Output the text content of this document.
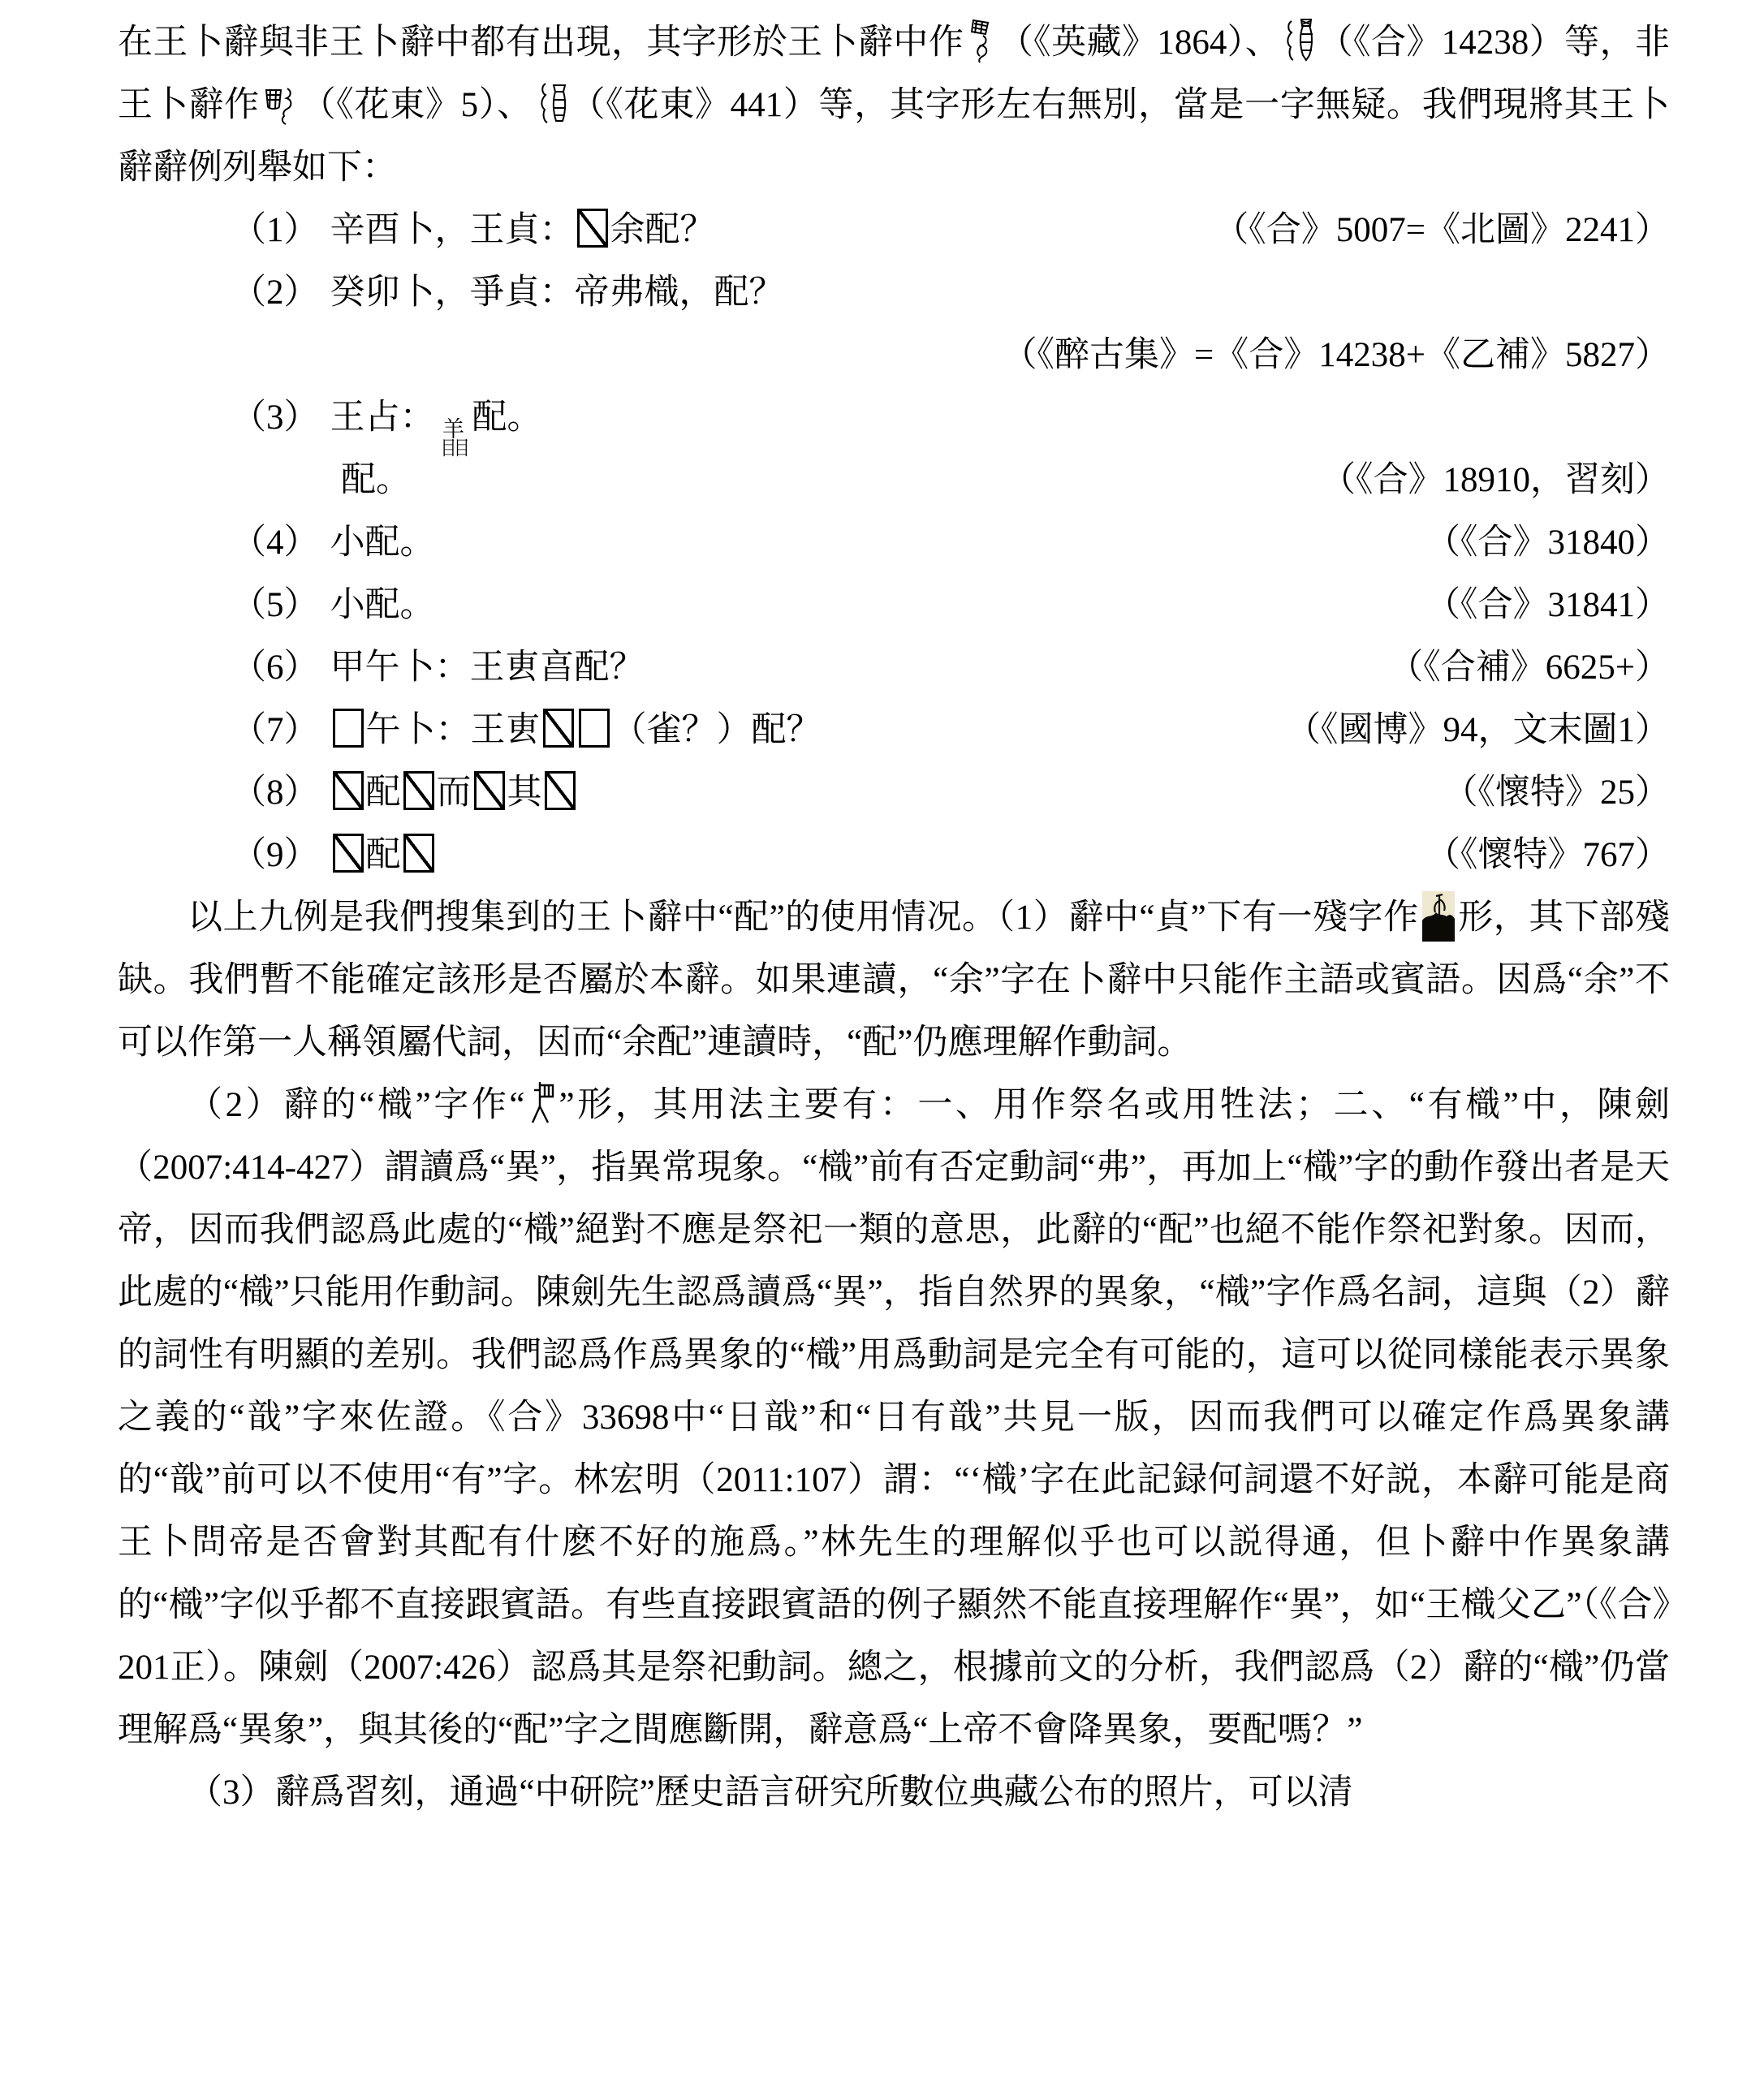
在王卜辭與非王卜辭中都有出現，其字形於王卜辭中作 （《英藏》1864）、 （《合》14238）等，非王卜辭作 （《花東》5）、 （《花東》441）等，其字形左右無別，當是一字無疑。我們現將其王卜辭辭例列舉如下：
（1） 辛酉卜，王貞： 余配？	（《合》5007=《北圖》2241）
（2） 癸卯卜，爭貞：帝弗樴，配？
（《醉古集》=《合》14238+《乙補》5827）
（3） 王占： 羊
目目
配。
配。	（《合》18910，習刻）
（4） 小配。	（《合》31840）
（5） 小配。	（《合》31841）
（6） 甲午卜：王叀亯配？	（《合補》6625+）
（7） 午卜：王叀 （雀？）配？	（《國博》94，文末圖1）
（8） 配 而 其	（《懷特》25）
（9） 配	（《懷特》767）
以上九例是我們搜集到的王卜辭中“配”的使用情况。（1）辭中“貞”下有一殘字作 形，其下部殘缺。我們暫不能確定該形是否屬於本辭。如果連讀，“余”字在卜辭中只能作主語或賓語。因爲“余”不可以作第一人稱領屬代詞，因而“余配”連讀時，“配”仍應理解作動詞。
（2）辭的“樴”字作“ ”形，其用法主要有：一、用作祭名或用牲法；二、“有樴”中，陳劍（2007:414-427）謂讀爲“異”，指異常現象。“樴”前有否定動詞“弗”，再加上“樴”字的動作發出者是天帝，因而我們認爲此處的“樴”絕對不應是祭祀一類的意思，此辭的“配”也絕不能作祭祀對象。因而，此處的“樴”只能用作動詞。陳劍先生認爲讀爲“異”，指自然界的異象，“樴”字作爲名詞，這與（2）辭的詞性有明顯的差别。我們認爲作爲異象的“樴”用爲動詞是完全有可能的，這可以從同樣能表示異象之義的“戠”字來佐證。《合》33698中“日戠”和“日有戠”共見一版，因而我們可以確定作爲異象講的“戠”前可以不使用“有”字。林宏明（2011:107）謂：“‘樴’字在此記録何詞還不好説，本辭可能是商王卜問帝是否會對其配有什麽不好的施爲。”林先生的理解似乎也可以説得通，但卜辭中作異象講的“樴”字似乎都不直接跟賓語。有些直接跟賓語的例子顯然不能直接理解作“異”，如“王樴父乙”（《合》201正）。陳劍（2007:426）認爲其是祭祀動詞。總之，根據前文的分析，我們認爲（2）辭的“樴”仍當理解爲“異象”，與其後的“配”字之間應斷開，辭意爲“上帝不會降異象，要配嗎？”
（3）辭爲習刻，通過“中研院”歷史語言研究所數位典藏公布的照片，可以清
